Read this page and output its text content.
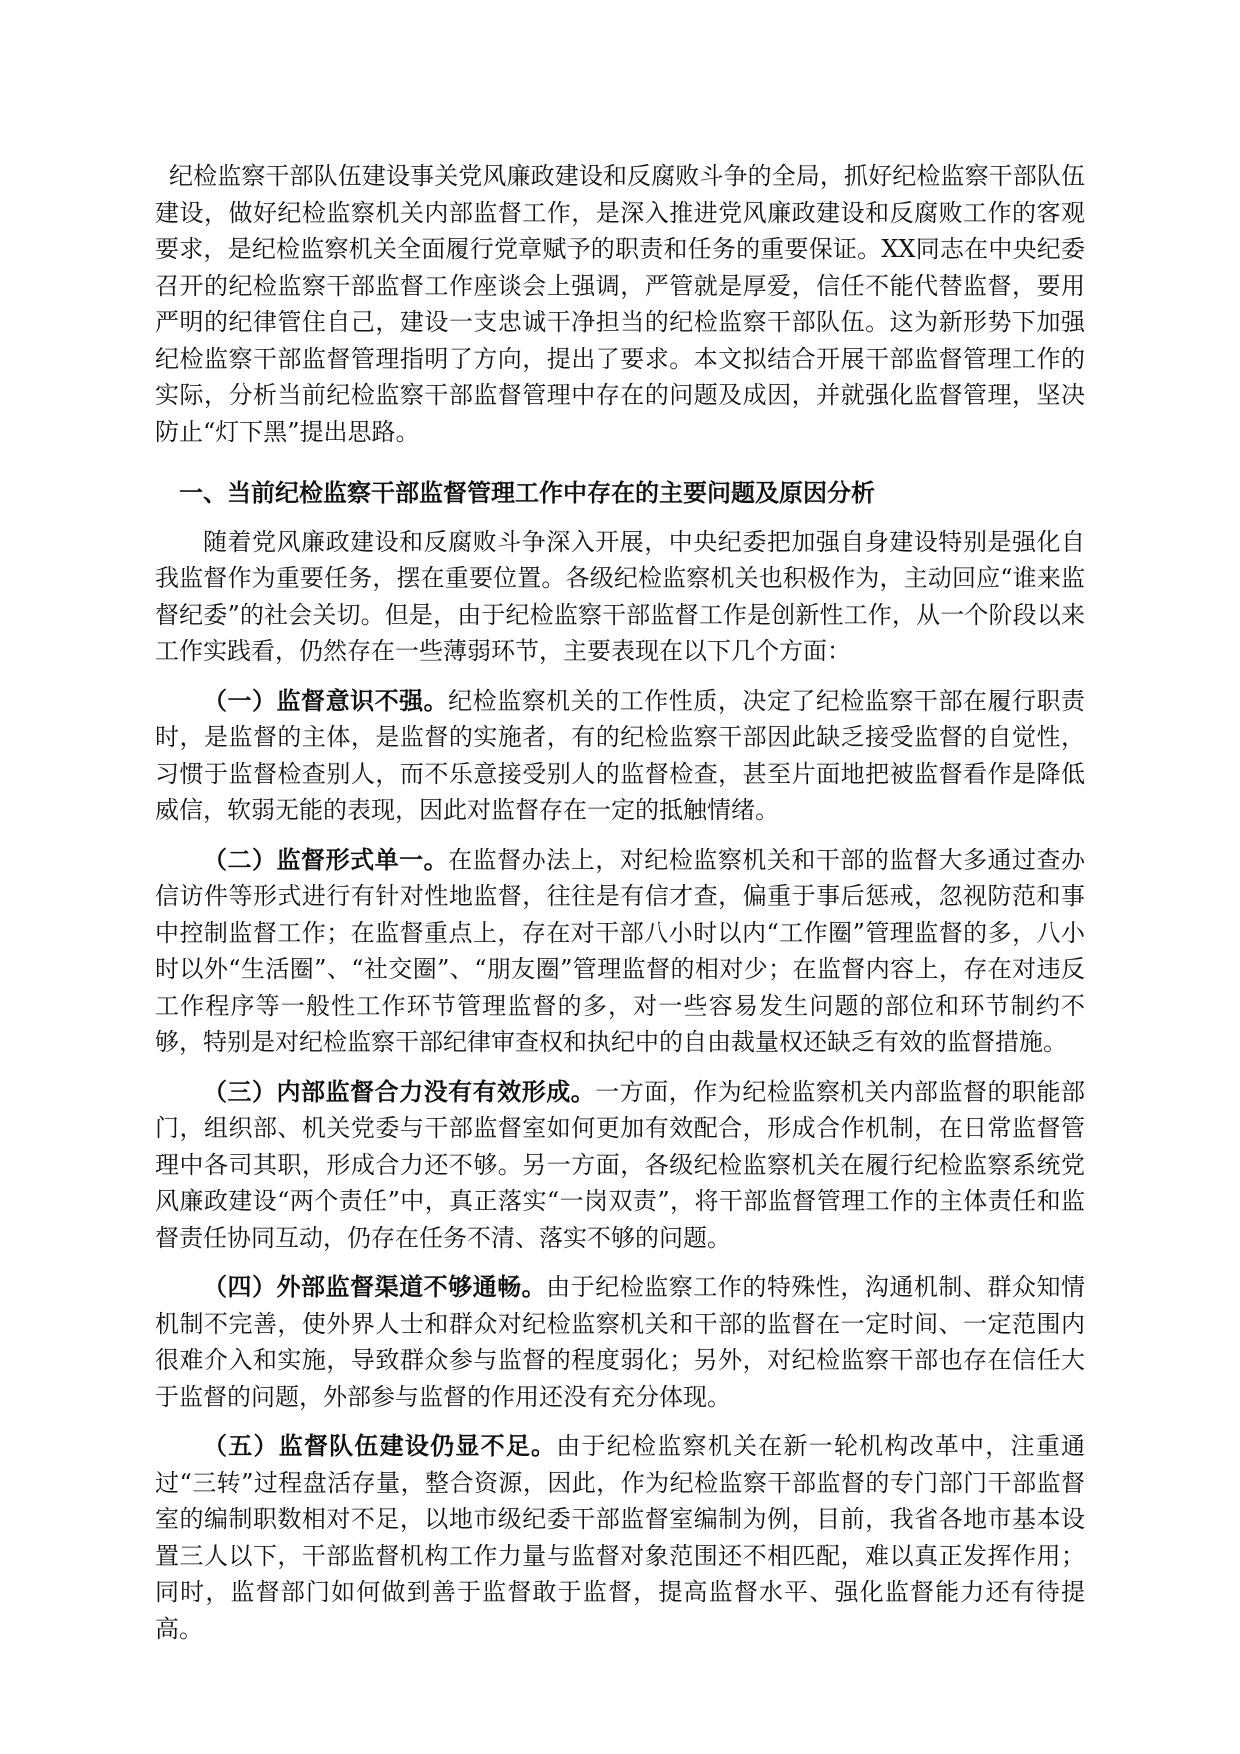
纪检监察干部队伍建设事关党风廉政建设和反腐败斗争的全局，抓好纪检监察干部队伍建设，做好纪检监察机关内部监督工作，是深入推进党风廉政建设和反腐败工作的客观要求，是纪检监察机关全面履行党章赋予的职责和任务的重要保证。XX同志在中央纪委召开的纪检监察干部监督工作座谈会上强调，严管就是厚爱，信任不能代替监督，要用严明的纪律管住自己，建设一支忠诚干净担当的纪检监察干部队伍。这为新形势下加强纪检监察干部监督管理指明了方向，提出了要求。本文拟结合开展干部监督管理工作的实际，分析当前纪检监察干部监督管理中存在的问题及成因，并就强化监督管理，坚决防止“灯下黑”提出思路。

一、当前纪检监察干部监督管理工作中存在的主要问题及原因分析

随着党风廉政建设和反腐败斗争深入开展，中央纪委把加强自身建设特别是强化自我监督作为重要任务，摆在重要位置。各级纪检监察机关也积极作为，主动回应“谁来监督纪委”的社会关切。但是，由于纪检监察干部监督工作是创新性工作，从一个阶段以来工作实践看，仍然存在一些薄弱环节，主要表现在以下几个方面：

（一）监督意识不强。纪检监察机关的工作性质，决定了纪检监察干部在履行职责时，是监督的主体，是监督的实施者，有的纪检监察干部因此缺乏接受监督的自觉性，习惯于监督检查别人，而不乐意接受别人的监督检查，甚至片面地把被监督看作是降低威信，软弱无能的表现，因此对监督存在一定的抵触情绪。

（二）监督形式单一。在监督办法上，对纪检监察机关和干部的监督大多通过查办信访件等形式进行有针对性地监督，往往是有信才查，偏重于事后惩戒，忽视防范和事中控制监督工作；在监督重点上，存在对干部八小时以内“工作圈”管理监督的多，八小时以外“生活圈”、“社交圈”、“朋友圈”管理监督的相对少；在监督内容上，存在对违反工作程序等一般性工作环节管理监督的多，对一些容易发生问题的部位和环节制约不够，特别是对纪检监察干部纪律审查权和执纪中的自由裁量权还缺乏有效的监督措施。

（三）内部监督合力没有有效形成。一方面，作为纪检监察机关内部监督的职能部门，组织部、机关党委与干部监督室如何更加有效配合，形成合作机制，在日常监督管理中各司其职，形成合力还不够。另一方面，各级纪检监察机关在履行纪检监察系统党风廉政建设“两个责任”中，真正落实“一岗双责”，将干部监督管理工作的主体责任和监督责任协同互动，仍存在任务不清、落实不够的问题。

（四）外部监督渠道不够通畅。由于纪检监察工作的特殊性，沟通机制、群众知情机制不完善，使外界人士和群众对纪检监察机关和干部的监督在一定时间、一定范围内很难介入和实施，导致群众参与监督的程度弱化；另外，对纪检监察干部也存在信任大于监督的问题，外部参与监督的作用还没有充分体现。

（五）监督队伍建设仍显不足。由于纪检监察机关在新一轮机构改革中，注重通过“三转”过程盘活存量，整合资源，因此，作为纪检监察干部监督的专门部门干部监督室的编制职数相对不足，以地市级纪委干部监督室编制为例，目前，我省各地市基本设置三人以下，干部监督机构工作力量与监督对象范围还不相匹配，难以真正发挥作用；同时，监督部门如何做到善于监督敢于监督，提高监督水平、强化监督能力还有待提高。
